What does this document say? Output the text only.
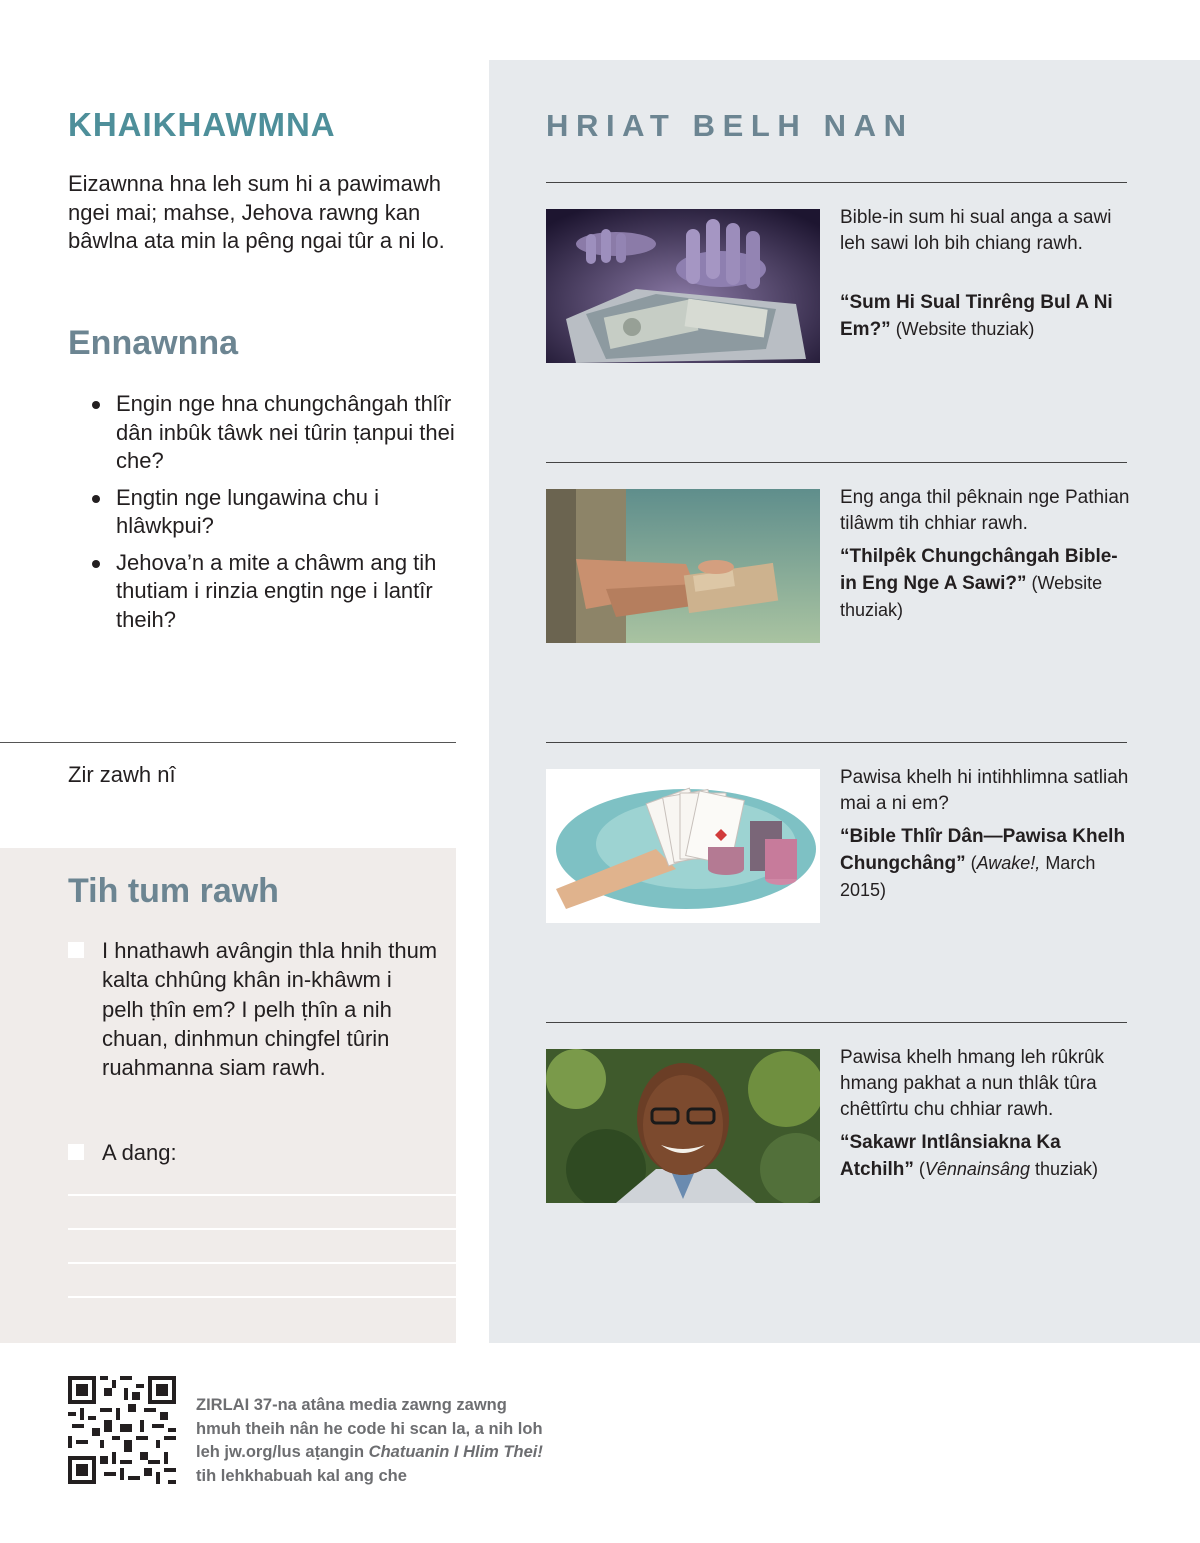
KHAIKHAWMNA

Eizawnna hna leh sum hi a pawimawh ngei mai; mahse, Jehova rawng kan bâwlna ata min la pêng ngai tûr a ni lo.

Ennawnna
Engin nge hna chungchângah thlîr dân inbûk tâwk nei tûrin ṭanpui thei che?
Engtin nge lungawina chu i hlâwkpui?
Jehova’n a mite a châwm ang tih thutiam i rinzia engtin nge i lantîr theih?

Zir zawh nî

Tih tum rawh
I hnathawh avângin thla hnih thum kalta chhûng khân in-khâwm i pelh ṭhîn em? I pelh ṭhîn a nih chuan, dinhmun chingfel tûrin ruahmanna siam rawh.
A dang:
HRIAT BELH NAN

Bible-in sum hi sual anga a sawi leh sawi loh bih chiang rawh.

“Sum Hi Sual Tinrêng Bul A Ni Em?” (Website thuziak)

Eng anga thil pêknain nge Pathian tilâwm tih chhiar rawh.

“Thilpêk Chungchângah Bible-in Eng Nge A Sawi?” (Website thuziak)

Pawisa khelh hi intihhlimna satliah mai a ni em?

“Bible Thlîr Dân—Pawisa Khelh Chungchâng” (Awake!, March 2015)

Pawisa khelh hmang leh rûkrûk hmang pakhat a nun thlâk tûra chêttîrtu chu chhiar rawh.

“Sakawr Intlânsiakna Ka Atchilh” (Vênnainsâng thuziak)

ZIRLAI 37-na atâna media zawng zawng hmuh theih nân he code hi scan la, a nih loh leh jw.org/lus aṭangin Chatuanin I Hlim Thei! tih lehkhabuah kal ang che
